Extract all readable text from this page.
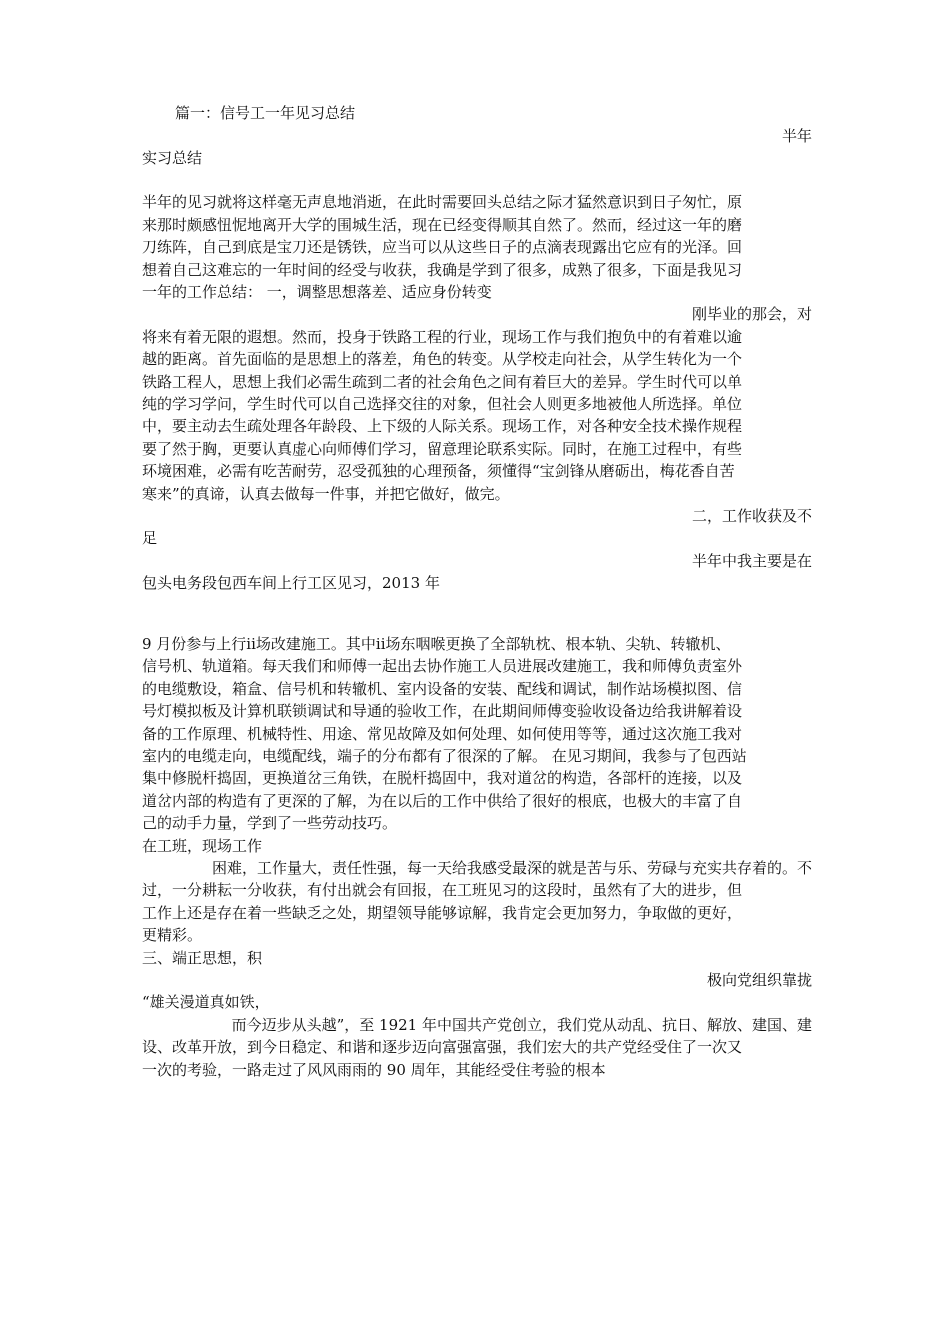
篇一：信号工一年见习总结
半年
实习总结
半年的见习就将这样毫无声息地消逝，在此时需要回头总结之际才猛然意识到日子匆忙，原
来那时颇感忸怩地离开大学的围城生活，现在已经变得顺其自然了。然而，经过这一年的磨
刀练阵，自己到底是宝刀还是锈铁，应当可以从这些日子的点滴表现露出它应有的光泽。回
想着自己这难忘的一年时间的经受与收获，我确是学到了很多，成熟了很多，下面是我见习
一年的工作总结： 一，调整思想落差、适应身份转变
刚毕业的那会，对
将来有着无限的遐想。然而，投身于铁路工程的行业，现场工作与我们抱负中的有着难以逾
越的距离。首先面临的是思想上的落差，角色的转变。从学校走向社会，从学生转化为一个
铁路工程人，思想上我们必需生疏到二者的社会角色之间有着巨大的差异。学生时代可以单
纯的学习学问，学生时代可以自己选择交往的对象，但社会人则更多地被他人所选择。单位
中，要主动去生疏处理各年龄段、上下级的人际关系。现场工作，对各种安全技术操作规程
要了然于胸，更要认真虚心向师傅们学习，留意理论联系实际。同时，在施工过程中，有些
环境困难，必需有吃苦耐劳，忍受孤独的心理预备，须懂得“宝剑锋从磨砺出，梅花香自苦
寒来”的真谛，认真去做每一件事，并把它做好，做完。
二，工作收获及不
足
半年中我主要是在
包头电务段包西车间上行工区见习，2013 年
9 月份参与上行ii场改建施工。其中ii场东咽喉更换了全部轨枕、根本轨、尖轨、转辙机、
信号机、轨道箱。每天我们和师傅一起出去协作施工人员进展改建施工，我和师傅负责室外
的电缆敷设，箱盒、信号机和转辙机、室内设备的安装、配线和调试，制作站场模拟图、信
号灯模拟板及计算机联锁调试和导通的验收工作，在此期间师傅变验收设备边给我讲解着设
备的工作原理、机械特性、用途、常见故障及如何处理、如何使用等等，通过这次施工我对
室内的电缆走向，电缆配线，端子的分布都有了很深的了解。 在见习期间，我参与了包西站
集中修脱杆捣固，更换道岔三角铁，在脱杆捣固中，我对道岔的构造，各部杆的连接，以及
道岔内部的构造有了更深的了解，为在以后的工作中供给了很好的根底，也极大的丰富了自
己的动手力量，学到了一些劳动技巧。
在工班，现场工作
困难，工作量大，责任性强，每一天给我感受最深的就是苦与乐、劳碌与充实共存着的。不
过，一分耕耘一分收获，有付出就会有回报，在工班见习的这段时，虽然有了大的进步，但
工作上还是存在着一些缺乏之处，期望领导能够谅解，我肯定会更加努力，争取做的更好，
更精彩。
三、端正思想，积
极向党组织靠拢
“雄关漫道真如铁，
而今迈步从头越”，至 1921 年中国共产党创立，我们党从动乱、抗日、解放、建国、建
设、改革开放，到今日稳定、和谐和逐步迈向富强富强，我们宏大的共产党经受住了一次又
一次的考验，一路走过了风风雨雨的 90 周年，其能经受住考验的根本
